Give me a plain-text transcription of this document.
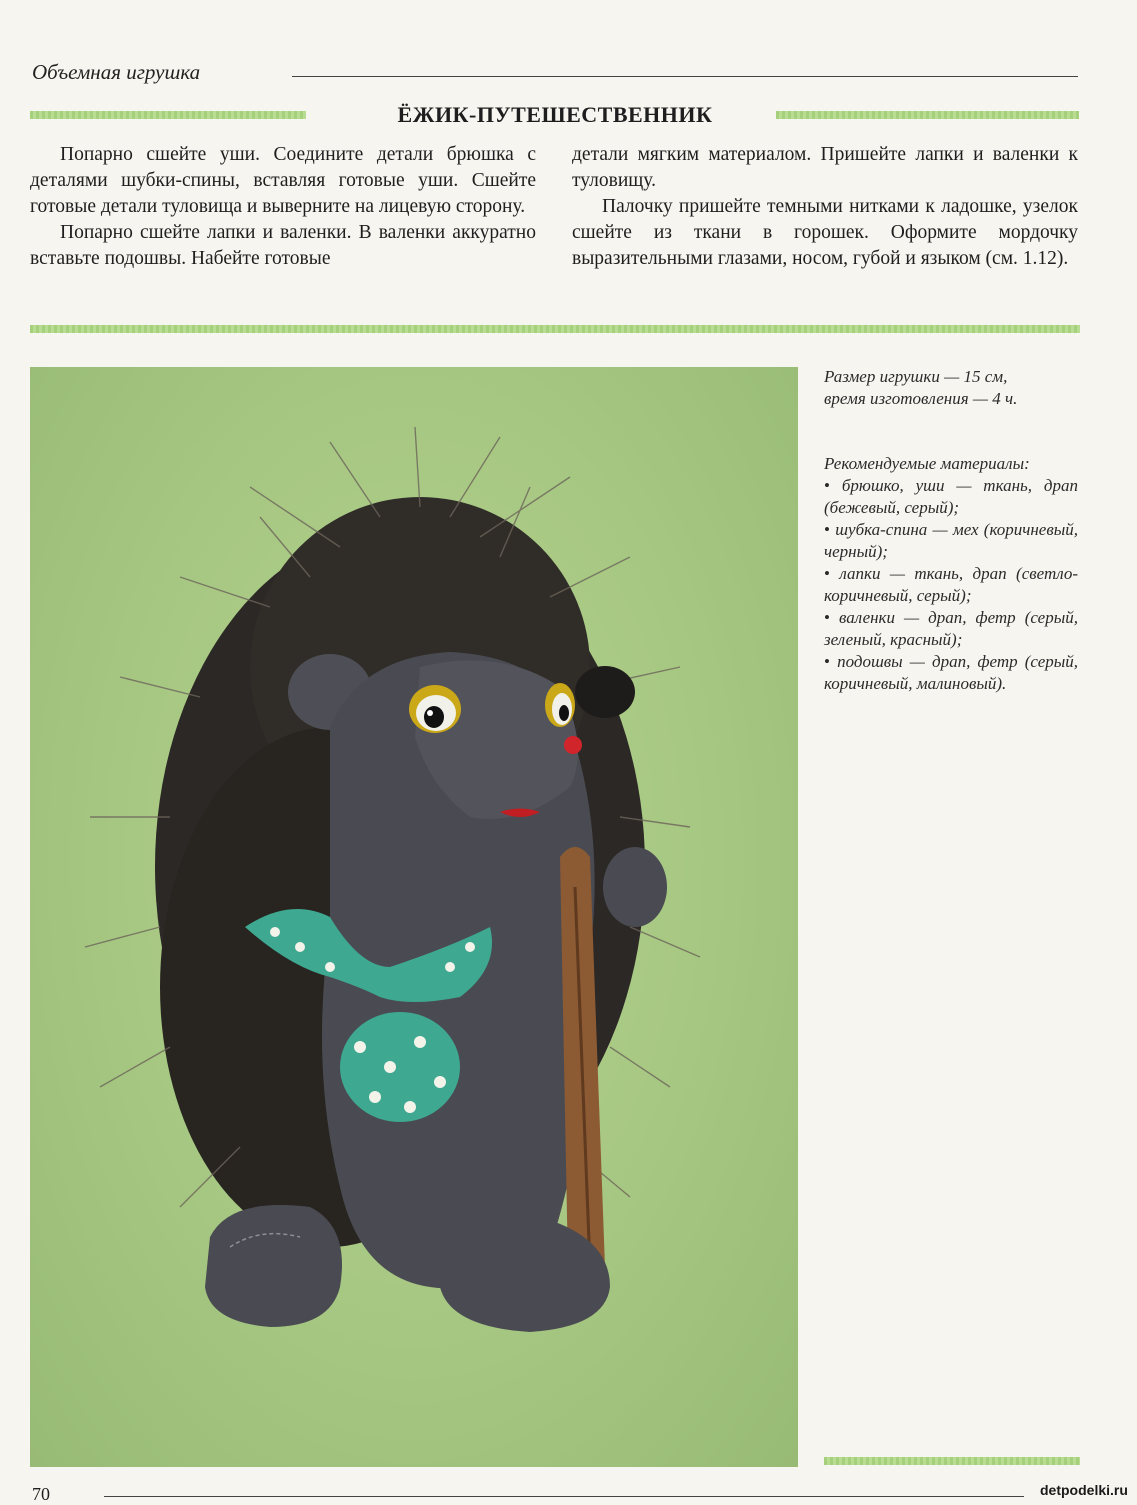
Объемная игрушка
ЁЖИК-ПУТЕШЕСТВЕННИК

Попарно сшейте уши. Соедините детали брюшка с деталями шубки-спины, вставляя готовые уши. Сшейте готовые детали туловища и выверните на лицевую сторону.

Попарно сшейте лапки и валенки. В валенки аккуратно вставьте подошвы. Набейте готовые

детали мягким материалом. Пришейте лапки и валенки к туловищу.

Палочку пришейте темными нитками к ладошке, узелок сшейте из ткани в горошек. Оформите мордочку выразительными глазами, носом, губой и языком (см. 1.12).

Размер игрушки — 15 см,
время изготовления — 4 ч.
Рекомендуемые материалы:
• брюшко, уши — ткань, драп (бежевый, серый);
• шубка-спина — мех (коричневый, черный);
• лапки — ткань, драп (светло-коричневый, серый);
• валенки — драп, фетр (серый, зеленый, красный);
• подошвы — драп, фетр (серый, коричневый, малиновый).
70	detpodelki.ru
